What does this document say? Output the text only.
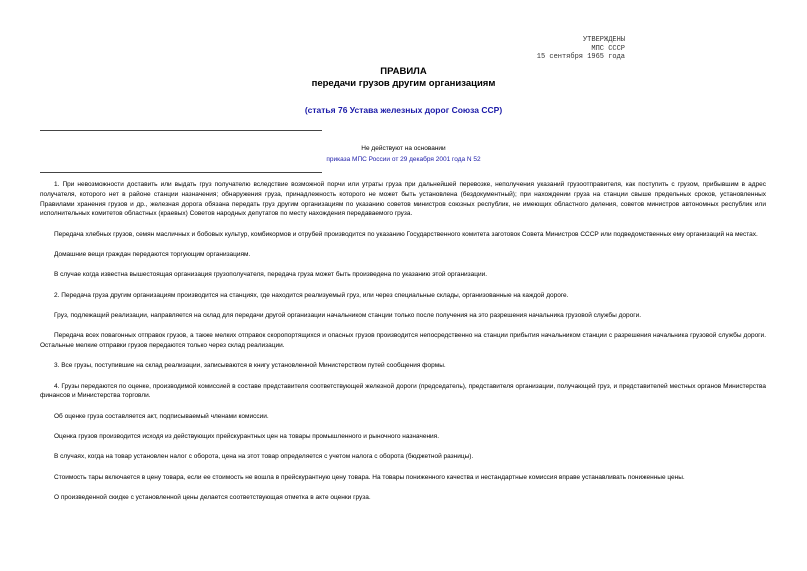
УТВЕРЖДЕНЫ
МПС СССР
15 сентября 1965 года
ПРАВИЛА
передачи грузов другим организациям
(статья 76 Устава железных дорог Союза ССР)
Не действуют на основании
приказа МПС России от 29 декабря 2001 года N 52

1. При невозможности доставить или выдать груз получателю вследствие возможной порчи или утраты груза при дальнейшей перевозке, неполучения указаний грузоотправителя, как поступить с грузом, прибывшим в адрес получателя, которого нет в районе станции назначения; обнаружения груза, принадлежность которого не может быть установлена (бездокументный); при нахождении груза на станции свыше предельных сроков, установленных Правилами хранения грузов и др., железная дорога обязана передать груз другим организациям по указанию советов министров союзных республик, не имеющих областного деления, советов министров автономных республик или исполнительных комитетов областных (краевых) Советов народных депутатов по месту нахождения передаваемого груза.

Передача хлебных грузов, семян масличных и бобовых культур, комбикормов и отрубей производится по указанию Государственного комитета заготовок Совета Министров СССР или подведомственных ему организаций на местах.

Домашние вещи граждан передаются торгующим организациям.

В случае когда известна вышестоящая организация грузополучателя, передача груза может быть произведена по указанию этой организации.

2. Передача груза другим организациям производится на станциях, где находится реализуемый груз, или через специальные склады, организованные на каждой дороге.

Груз, подлежащий реализации, направляется на склад для передачи другой организации начальником станции только после получения на это разрешения начальника грузовой службы дороги.

Передача всех повагонных отправок грузов, а также мелких отправок скоропортящихся и опасных грузов производится непосредственно на станции прибытия начальником станции с разрешения начальника грузовой службы дороги. Остальные мелкие отправки грузов передаются только через склад реализации.

3. Все грузы, поступившие на склад реализации, записываются в книгу установленной Министерством путей сообщения формы.

4. Грузы передаются по оценке, производимой комиссией в составе представителя соответствующей железной дороги (председатель), представителя организации, получающей груз, и представителей местных органов Министерства финансов и Министерства торговли.

Об оценке груза составляется акт, подписываемый членами комиссии.

Оценка грузов производится исходя из действующих прейскурантных цен на товары промышленного и рыночного назначения.

В случаях, когда на товар установлен налог с оборота, цена на этот товар определяется с учетом налога с оборота (бюджетной разницы).

Стоимость тары включается в цену товара, если ее стоимость не вошла в прейскурантную цену товара. На товары пониженного качества и нестандартные комиссия вправе устанавливать пониженные цены.

О произведенной скидке с установленной цены делается соответствующая отметка в акте оценки груза.
